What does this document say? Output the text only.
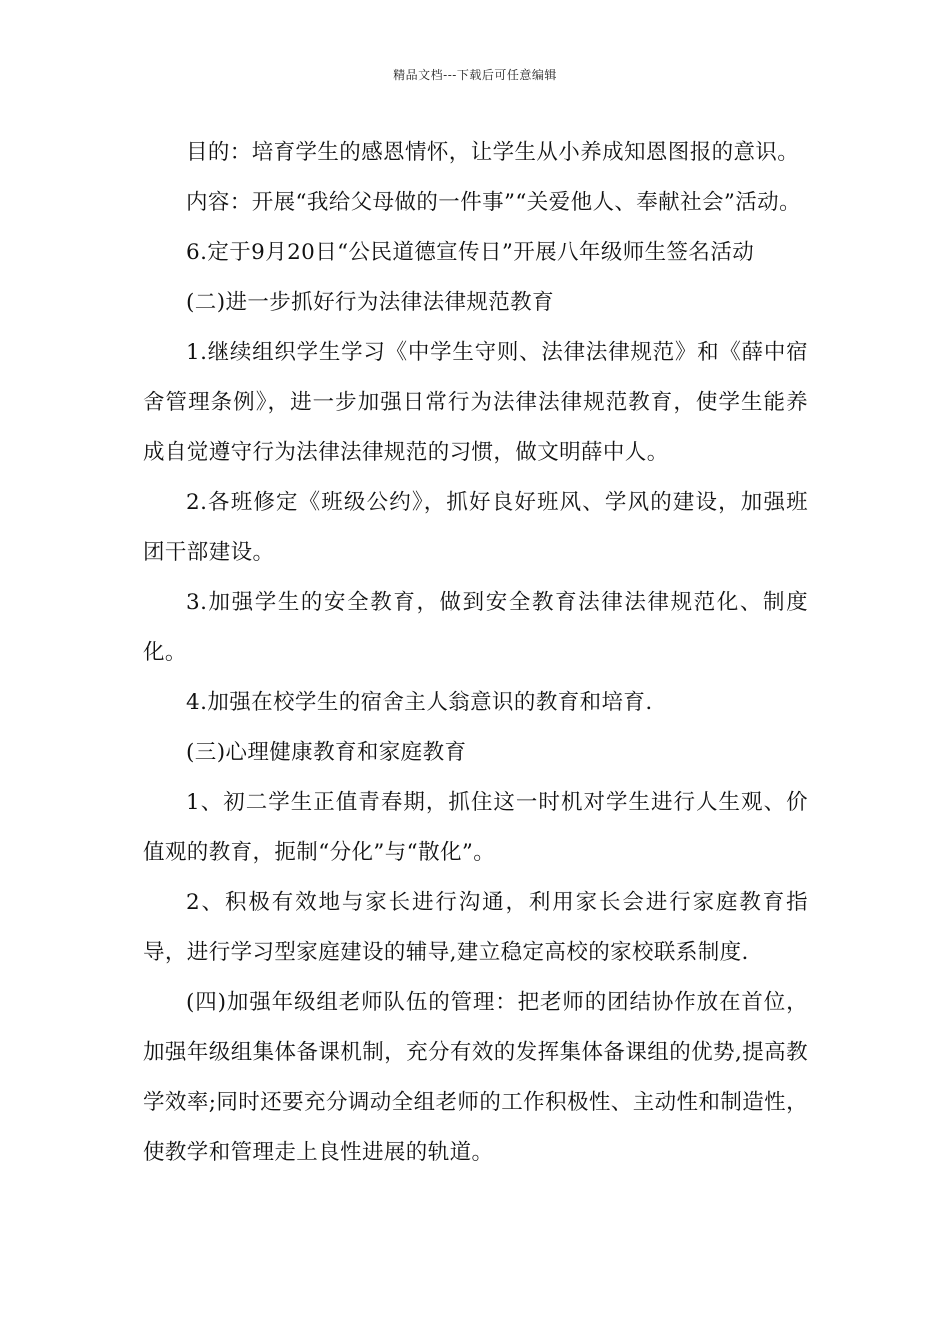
精品文档---下载后可任意编辑

目的：培育学生的感恩情怀，让学生从小养成知恩图报的意识。

内容：开展“我给父母做的一件事”“关爱他人、奉献社会”活动。

6.定于9月20日“公民道德宣传日”开展八年级师生签名活动

(二)进一步抓好行为法律法律规范教育

1.继续组织学生学习《中学生守则、法律法律规范》和《薛中宿舍管理条例》，进一步加强日常行为法律法律规范教育，使学生能养成自觉遵守行为法律法律规范的习惯，做文明薛中人。

2.各班修定《班级公约》，抓好良好班风、学风的建设，加强班团干部建设。

3.加强学生的安全教育，做到安全教育法律法律规范化、制度化。

4.加强在校学生的宿舍主人翁意识的教育和培育.

(三)心理健康教育和家庭教育

1、初二学生正值青春期，抓住这一时机对学生进行人生观、价值观的教育，扼制“分化”与“散化”。

2、积极有效地与家长进行沟通，利用家长会进行家庭教育指导，进行学习型家庭建设的辅导,建立稳定高校的家校联系制度.

(四)加强年级组老师队伍的管理：把老师的团结协作放在首位，加强年级组集体备课机制，充分有效的发挥集体备课组的优势,提高教学效率;同时还要充分调动全组老师的工作积极性、主动性和制造性，使教学和管理走上良性进展的轨道。
